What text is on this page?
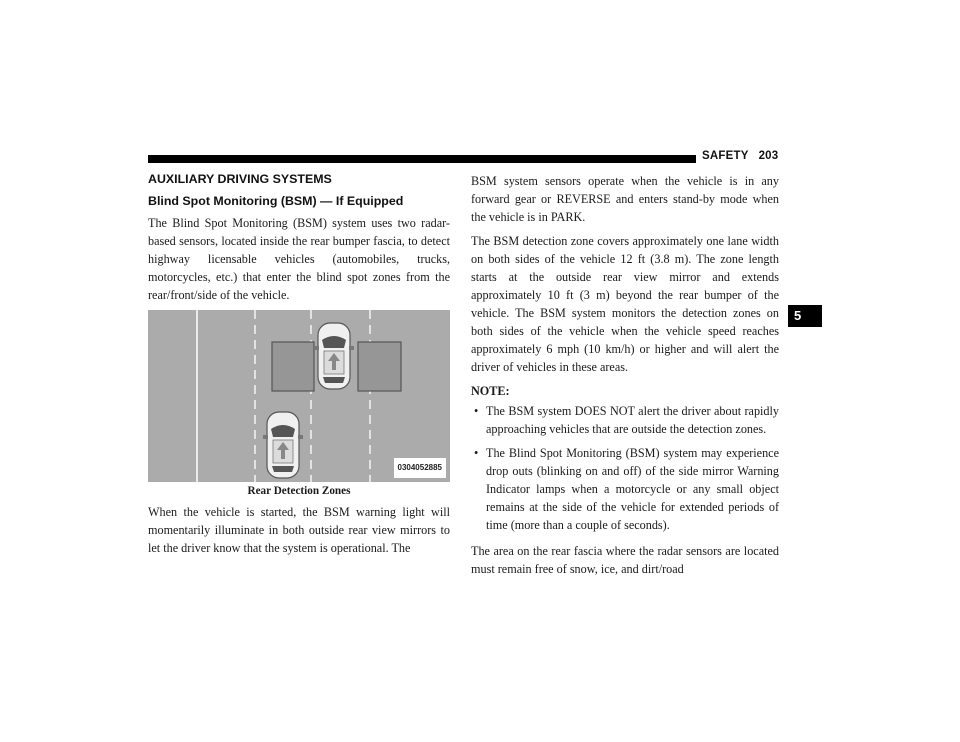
SAFETY 203
5
AUXILIARY DRIVING SYSTEMS
Blind Spot Monitoring (BSM) — If Equipped

The Blind Spot Monitoring (BSM) system uses two radar-based sensors, located inside the rear bumper fascia, to detect highway licensable vehicles (automobiles, trucks, motorcycles, etc.) that enter the blind spot zones from the rear/front/side of the vehicle.

0304052885
Rear Detection Zones

When the vehicle is started, the BSM warning light will momentarily illuminate in both outside rear view mirrors to let the driver know that the system is operational. The

BSM system sensors operate when the vehicle is in any forward gear or REVERSE and enters stand-by mode when the vehicle is in PARK.

The BSM detection zone covers approximately one lane width on both sides of the vehicle 12 ft (3.8 m). The zone length starts at the outside rear view mirror and extends approximately 10 ft (3 m) beyond the rear bumper of the vehicle. The BSM system monitors the detection zones on both sides of the vehicle when the vehicle speed reaches approximately 6 mph (10 km/h) or higher and will alert the driver of vehicles in these areas.

NOTE:
• The BSM system DOES NOT alert the driver about rapidly approaching vehicles that are outside the detection zones.
• The Blind Spot Monitoring (BSM) system may experience drop outs (blinking on and off) of the side mirror Warning Indicator lamps when a motorcycle or any small object remains at the side of the vehicle for extended periods of time (more than a couple of seconds).

The area on the rear fascia where the radar sensors are located must remain free of snow, ice, and dirt/road
